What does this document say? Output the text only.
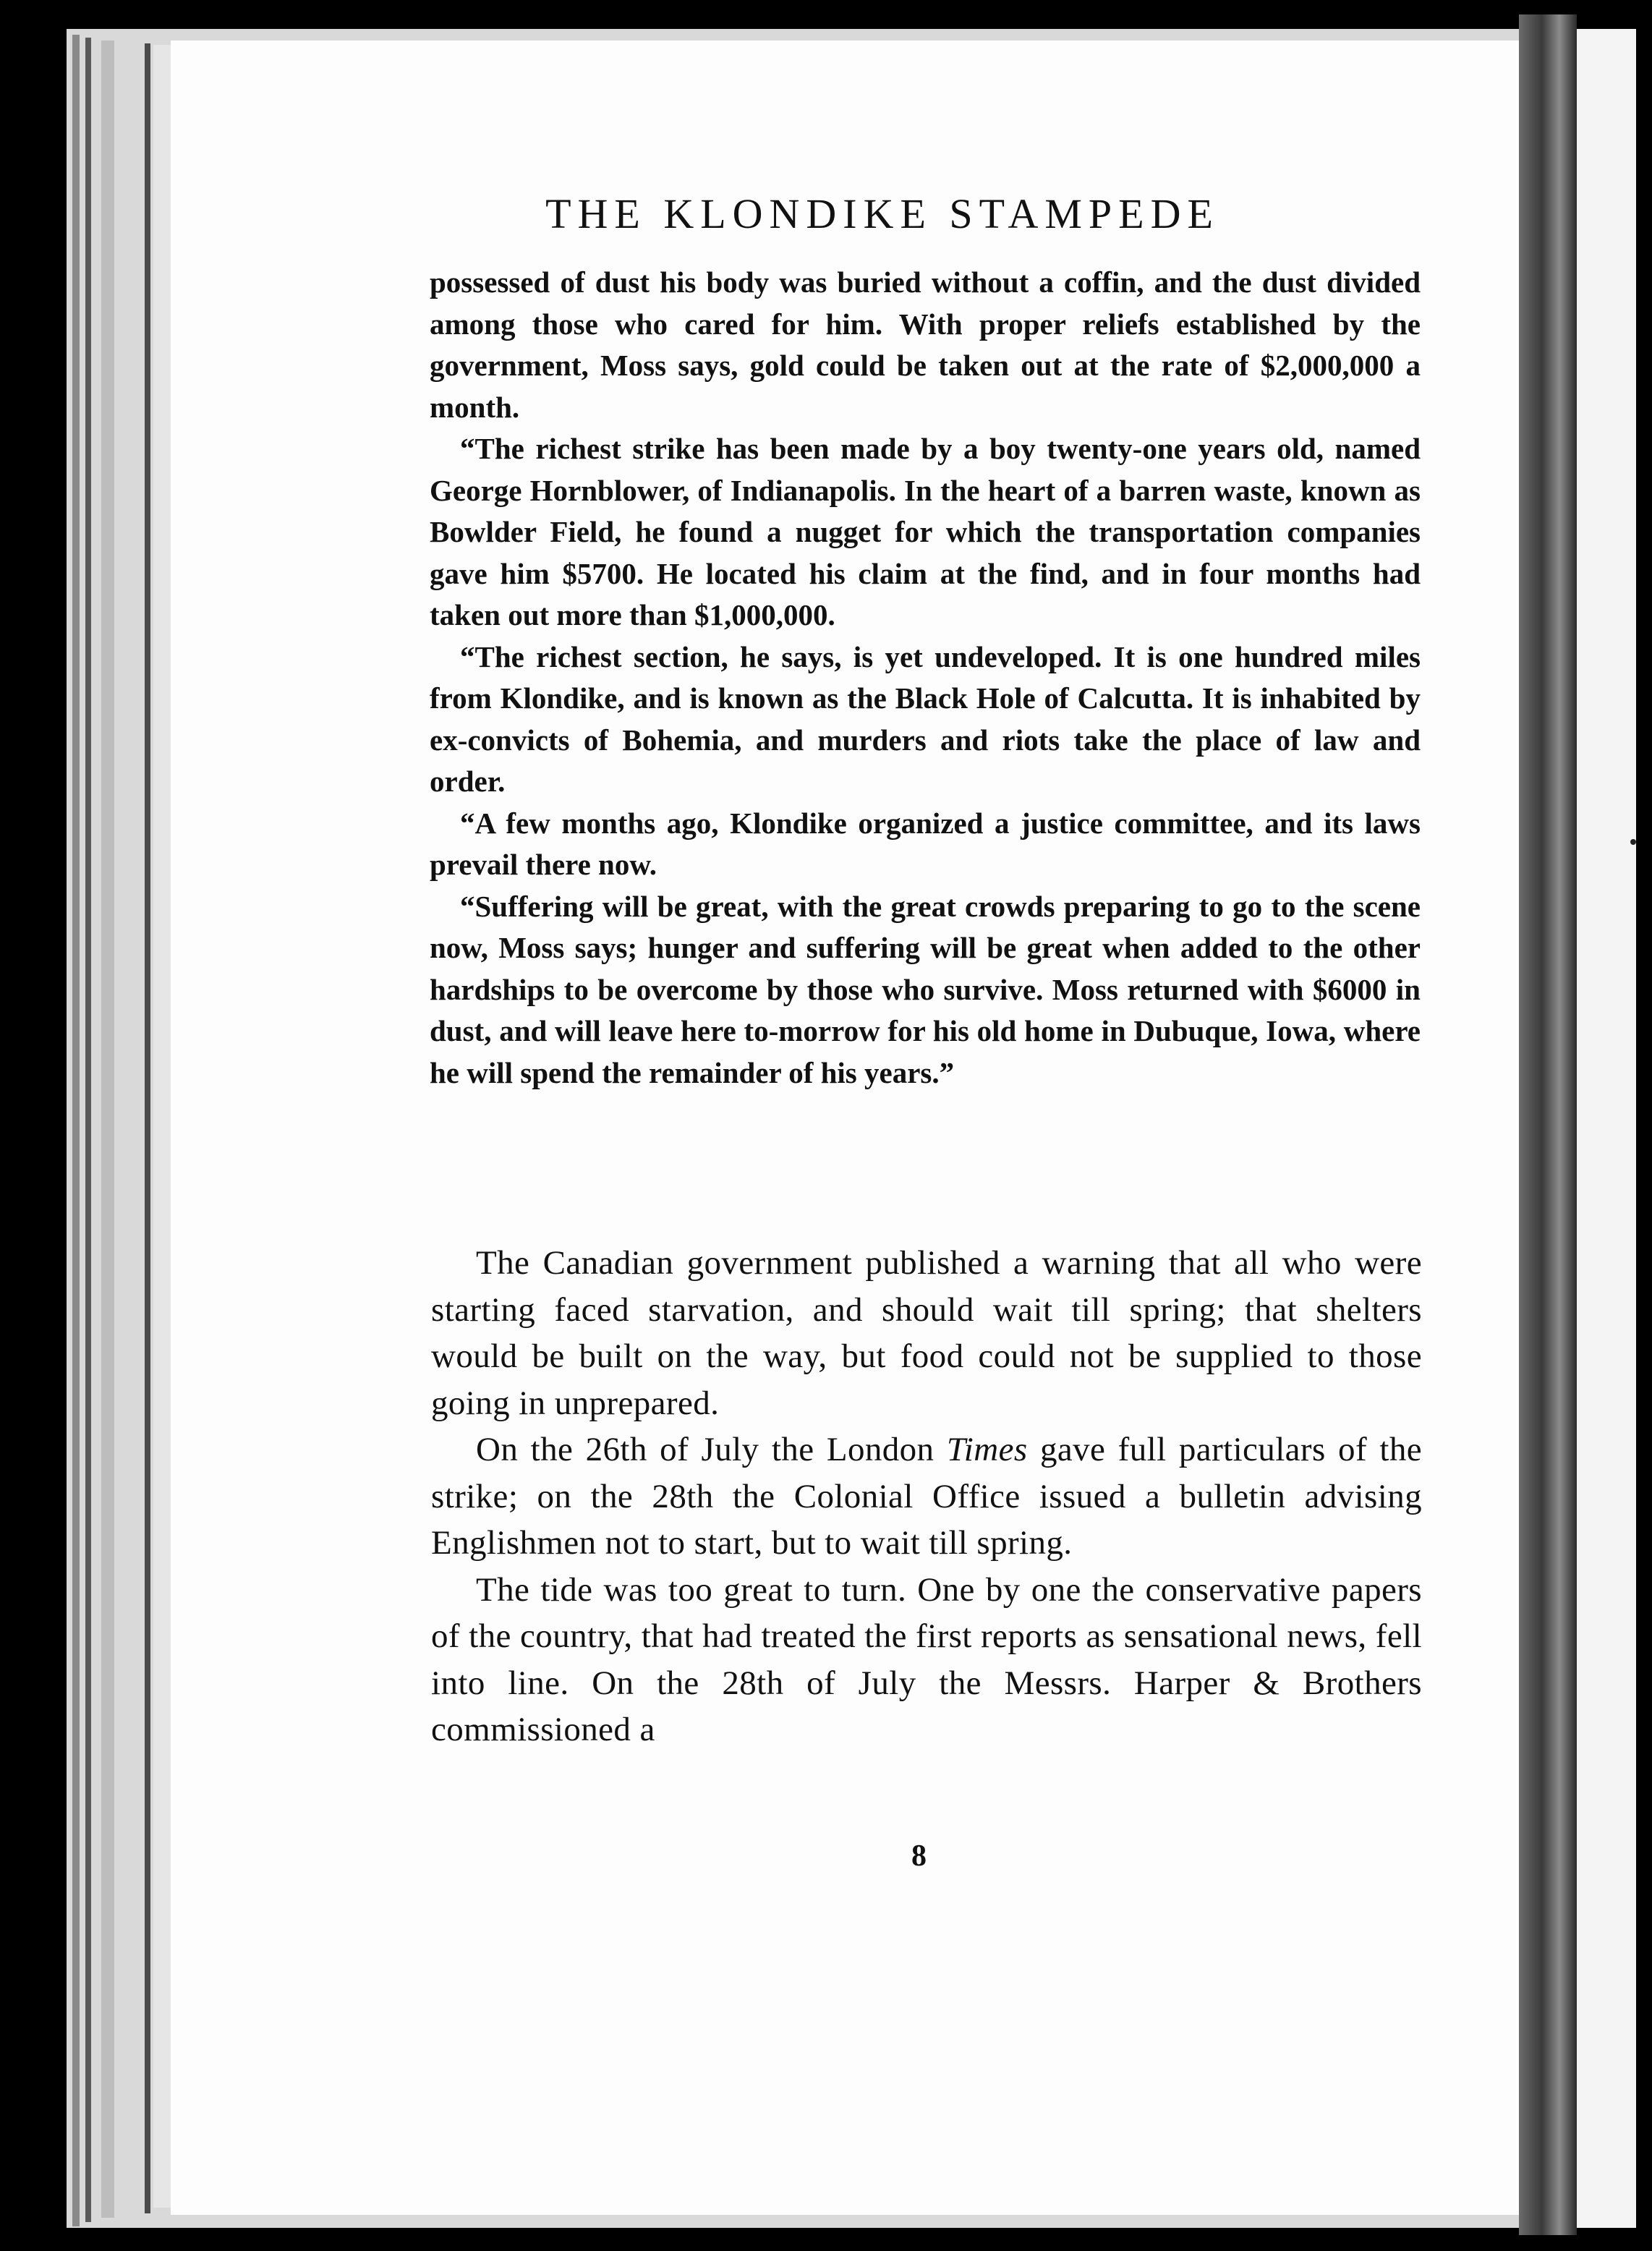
THE KLONDIKE STAMPEDE

possessed of dust his body was buried without a coffin, and the dust divided among those who cared for him. With proper reliefs established by the government, Moss says, gold could be taken out at the rate of $2,000,000 a month.

“The richest strike has been made by a boy twenty-one years old, named George Hornblower, of Indianapolis. In the heart of a barren waste, known as Bowlder Field, he found a nugget for which the transportation companies gave him $5700. He located his claim at the find, and in four months had taken out more than $1,000,000.

“The richest section, he says, is yet undeveloped. It is one hundred miles from Klondike, and is known as the Black Hole of Calcutta. It is inhabited by ex-convicts of Bohemia, and murders and riots take the place of law and order.

“A few months ago, Klondike organized a justice committee, and its laws prevail there now.

“Suffering will be great, with the great crowds preparing to go to the scene now, Moss says; hunger and suffering will be great when added to the other hardships to be overcome by those who survive. Moss returned with $6000 in dust, and will leave here to-morrow for his old home in Dubuque, Iowa, where he will spend the remainder of his years.”

The Canadian government published a warning that all who were starting faced starvation, and should wait till spring; that shelters would be built on the way, but food could not be supplied to those going in unprepared.

On the 26th of July the London Times gave full particulars of the strike; on the 28th the Colonial Office issued a bulletin advising Englishmen not to start, but to wait till spring.

The tide was too great to turn. One by one the conservative papers of the country, that had treated the first reports as sensational news, fell into line. On the 28th of July the Messrs. Harper & Brothers commissioned a

8
